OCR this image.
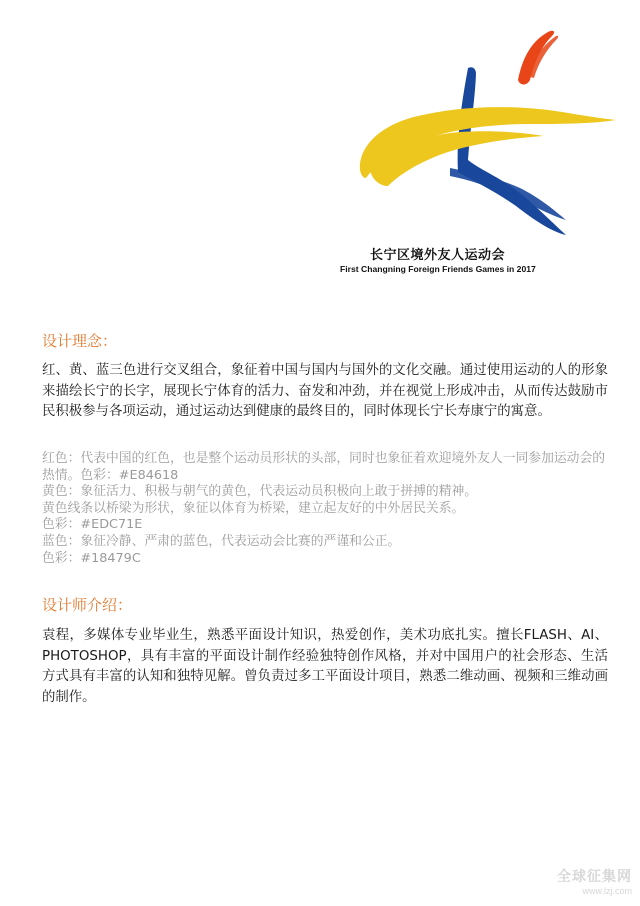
长宁区境外友人运动会
First Changning Foreign Friends Games in 2017
设计理念：
红、黄、蓝三色进行交叉组合，象征着中国与国内与国外的文化交融。通过使用运动的人的形象来描绘长宁的长字，展现长宁体育的活力、奋发和冲劲，并在视觉上形成冲击，从而传达鼓励市民积极参与各项运动，通过运动达到健康的最终目的，同时体现长宁长寿康宁的寓意。
红色：代表中国的红色，也是整个运动员形状的头部，同时也象征着欢迎境外友人一同参加运动会的热情。色彩：#E84618
黄色：象征活力、积极与朝气的黄色，代表运动员积极向上敢于拼搏的精神。
黄色线条以桥梁为形状，象征以体育为桥梁，建立起友好的中外居民关系。
色彩：#EDC71E
蓝色：象征冷静、严肃的蓝色，代表运动会比赛的严谨和公正。
色彩：#18479C
设计师介绍：
袁程，多媒体专业毕业生，熟悉平面设计知识，热爱创作，美术功底扎实。擅长FLASH、AI、PHOTOSHOP，具有丰富的平面设计制作经验独特创作风格，并对中国用户的社会形态、生活方式具有丰富的认知和独特见解。曾负责过多工平面设计项目，熟悉二维动画、视频和三维动画的制作。
全球征集网
www.lzj.com
